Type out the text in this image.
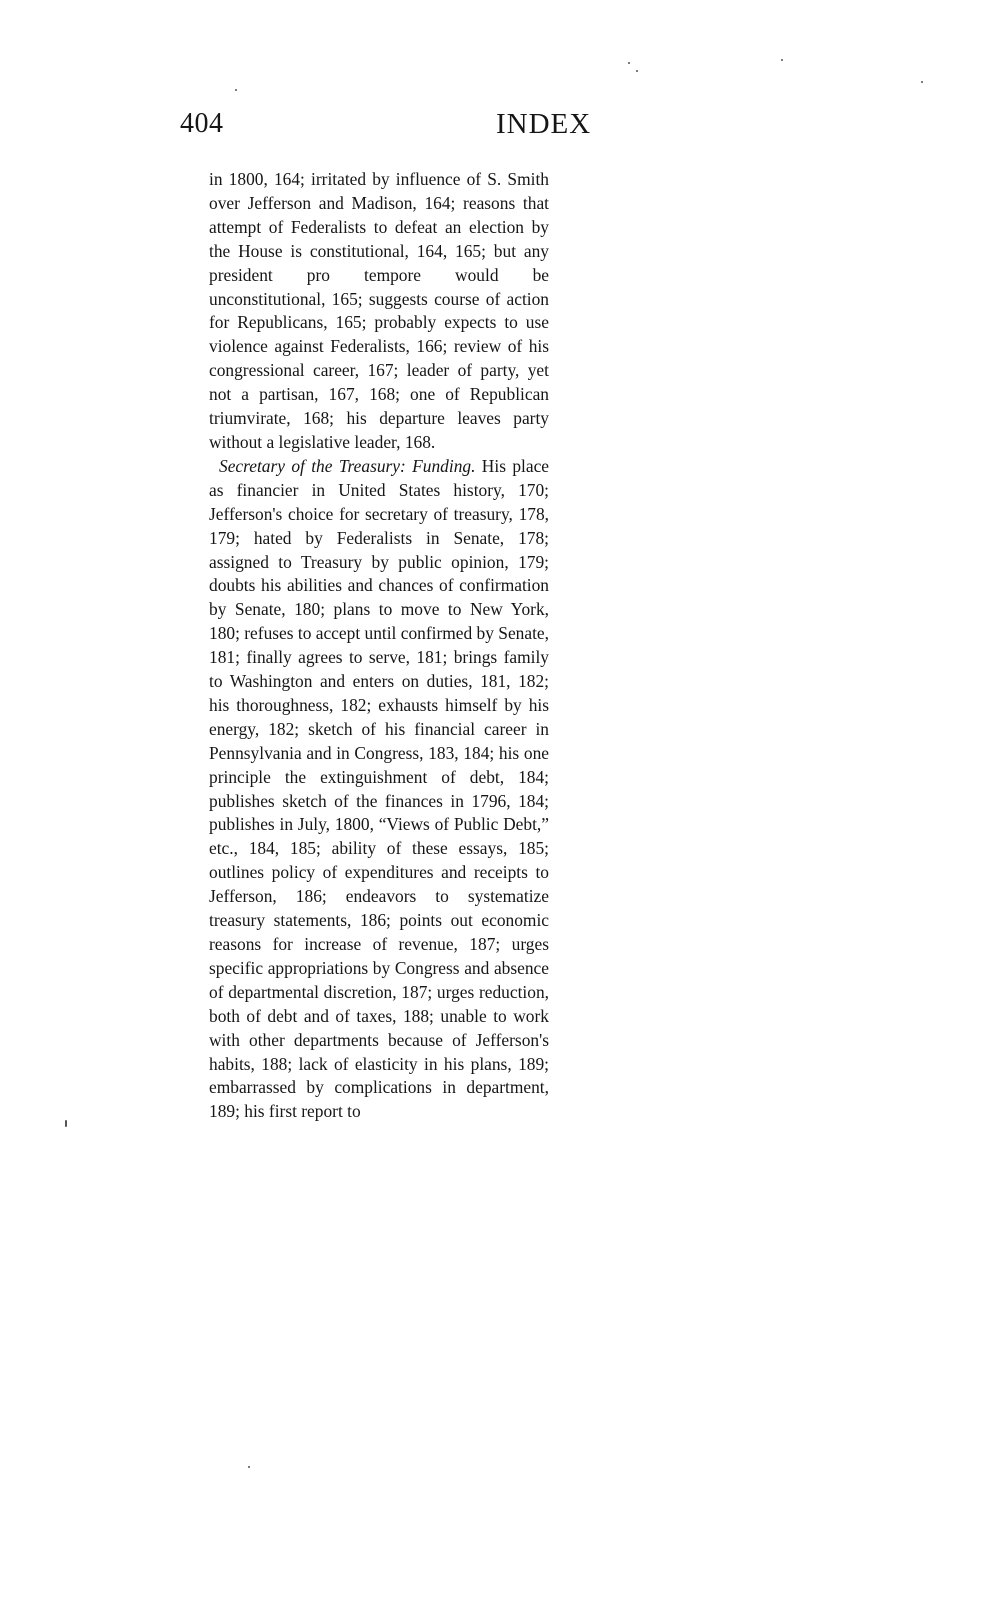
404	INDEX

in 1800, 164; irritated by influence of S. Smith over Jefferson and Madison, 164; reasons that attempt of Federalists to defeat an election by the House is constitutional, 164, 165; but any president pro tempore would be unconstitutional, 165; suggests course of action for Republicans, 165; probably expects to use violence against Federalists, 166; review of his congressional career, 167; leader of party, yet not a partisan, 167, 168; one of Republican triumvirate, 168; his departure leaves party without a legislative leader, 168.

Secretary of the Treasury: Funding. His place as financier in United States history, 170; Jefferson's choice for secretary of treasury, 178, 179; hated by Federalists in Senate, 178; assigned to Treasury by public opinion, 179; doubts his abilities and chances of confirmation by Senate, 180; plans to move to New York, 180; refuses to accept until confirmed by Senate, 181; finally agrees to serve, 181; brings family to Washington and enters on duties, 181, 182; his thoroughness, 182; exhausts himself by his energy, 182; sketch of his financial career in Pennsylvania and in Congress, 183, 184; his one principle the extinguishment of debt, 184; publishes sketch of the finances in 1796, 184; publishes in July, 1800, “Views of Public Debt,” etc., 184, 185; ability of these essays, 185; outlines policy of expenditures and receipts to Jefferson, 186; endeavors to systematize treasury statements, 186; points out economic reasons for increase of revenue, 187; urges specific appropriations by Congress and absence of departmental discretion, 187; urges reduction, both of debt and of taxes, 188; unable to work with other departments because of Jefferson's habits, 188; lack of elasticity in his plans, 189; embarrassed by complications in department, 189; his first report to
